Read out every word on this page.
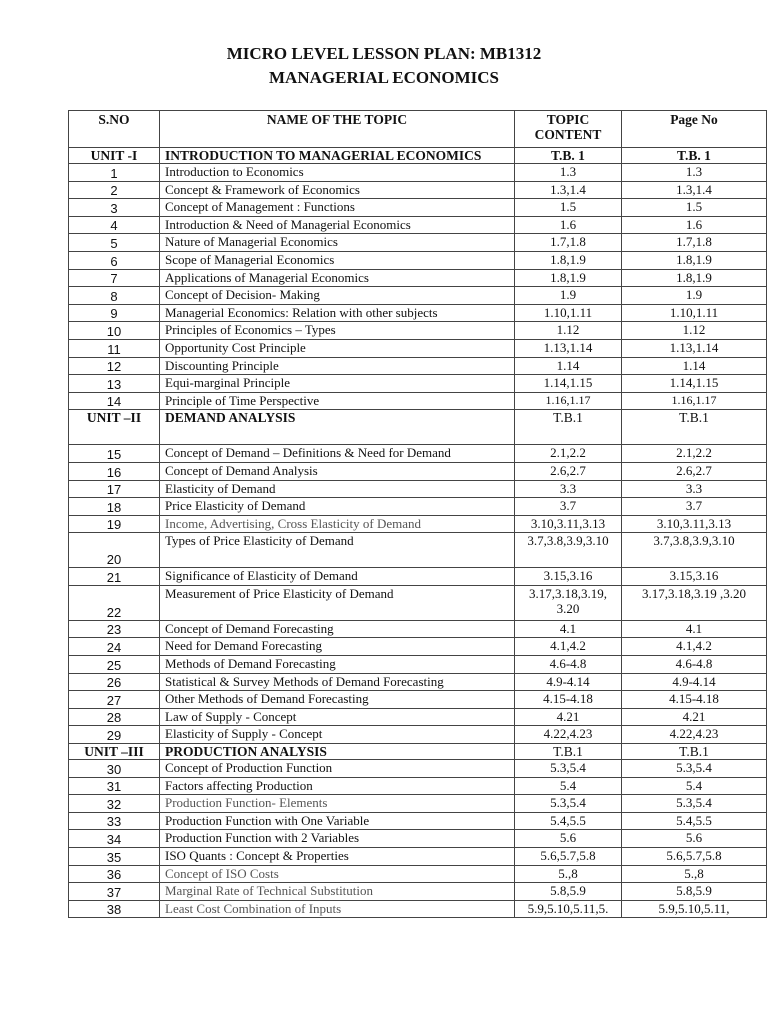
MICRO LEVEL LESSON PLAN: MB1312
MANAGERIAL ECONOMICS
S.NO	NAME OF THE TOPIC	TOPIC CONTENT	Page No
UNIT -I	INTRODUCTION TO MANAGERIAL ECONOMICS	T.B. 1	T.B. 1
1	Introduction to Economics	1.3	1.3
2	Concept & Framework of Economics	1.3,1.4	1.3,1.4
3	Concept of Management : Functions	1.5	1.5
4	Introduction & Need of Managerial Economics	1.6	1.6
5	Nature of Managerial Economics	1.7,1.8	1.7,1.8
6	Scope of Managerial Economics	1.8,1.9	1.8,1.9
7	Applications of Managerial Economics	1.8,1.9	1.8,1.9
8	Concept of Decision- Making	1.9	1.9
9	Managerial Economics: Relation with other subjects	1.10,1.11	1.10,1.11
10	Principles of Economics – Types	1.12	1.12
11	Opportunity Cost Principle	1.13,1.14	1.13,1.14
12	Discounting Principle	1.14	1.14
13	Equi-marginal Principle	1.14,1.15	1.14,1.15
14	Principle of Time Perspective	1.16,1.17	1.16,1.17
UNIT –II	DEMAND ANALYSIS	T.B.1	T.B.1
15	Concept of Demand – Definitions & Need for Demand	2.1,2.2	2.1,2.2
16	Concept of Demand Analysis	2.6,2.7	2.6,2.7
17	Elasticity of Demand	3.3	3.3
18	Price Elasticity of Demand	3.7	3.7
19	Income, Advertising, Cross Elasticity of Demand	3.10,3.11,3.13	3.10,3.11,3.13
20	Types of Price Elasticity of Demand	3.7,3.8,3.9,3.10	3.7,3.8,3.9,3.10
21	Significance of Elasticity of Demand	3.15,3.16	3.15,3.16
22	Measurement of Price Elasticity of Demand	3.17,3.18,3.19, 3.20	3.17,3.18,3.19 ,3.20
23	Concept of Demand Forecasting	4.1	4.1
24	Need for Demand Forecasting	4.1,4.2	4.1,4.2
25	Methods of Demand Forecasting	4.6-4.8	4.6-4.8
26	Statistical & Survey Methods of Demand Forecasting	4.9-4.14	4.9-4.14
27	Other Methods of Demand Forecasting	4.15-4.18	4.15-4.18
28	Law of Supply - Concept	4.21	4.21
29	Elasticity of Supply - Concept	4.22,4.23	4.22,4.23
UNIT –III	PRODUCTION ANALYSIS	T.B.1	T.B.1
30	Concept of Production Function	5.3,5.4	5.3,5.4
31	Factors affecting Production	5.4	5.4
32	Production Function- Elements	5.3,5.4	5.3,5.4
33	Production Function with One Variable	5.4,5.5	5.4,5.5
34	Production Function with 2 Variables	5.6	5.6
35	ISO Quants : Concept & Properties	5.6,5.7,5.8	5.6,5.7,5.8
36	Concept of ISO Costs	5.,8	5.,8
37	Marginal Rate of Technical Substitution	5.8,5.9	5.8,5.9
38	Least Cost Combination of Inputs	5.9,5.10,5.11,5.	5.9,5.10,5.11,
